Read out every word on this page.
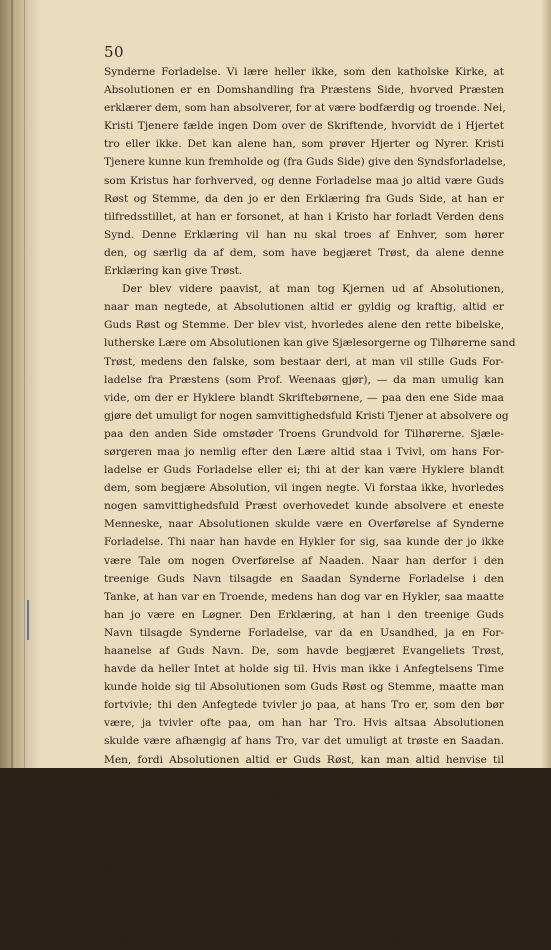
50
Synderne Forladelse. Vi lære heller ikke, som den katholske Kirke, at
Absolutionen er en Domshandling fra Præstens Side, hvorved Præsten
erklærer dem, som han absolverer, for at være bodfærdig og troende. Nei,
Kristi Tjenere fælde ingen Dom over de Skriftende, hvorvidt de i Hjertet
tro eller ikke. Det kan alene han, som prøver Hjerter og Nyrer. Kristi
Tjenere kunne kun fremholde og (fra Guds Side) give den Syndsforladelse,
som Kristus har forhverved, og denne Forladelse maa jo altid være Guds
Røst og Stemme, da den jo er den Erklæring fra Guds Side, at han er
tilfredsstillet, at han er forsonet, at han i Kristo har forladt Verden dens
Synd. Denne Erklæring vil han nu skal troes af Enhver, som hører
den, og særlig da af dem, som have begjæret Trøst, da alene denne
Erklæring kan give Trøst.
Der blev videre paavist, at man tog Kjernen ud af Absolutionen,
naar man negtede, at Absolutionen altid er gyldig og kraftig, altid er
Guds Røst og Stemme. Der blev vist, hvorledes alene den rette bibelske,
lutherske Lære om Absolutionen kan give Sjælesorgerne og Tilhørerne sand
Trøst, medens den falske, som bestaar deri, at man vil stille Guds For-
ladelse fra Præstens (som Prof. Weenaas gjør), — da man umulig kan
vide, om der er Hyklere blandt Skriftebørnene, — paa den ene Side maa
gjøre det umuligt for nogen samvittighedsfuld Kristi Tjener at absolvere og
paa den anden Side omstøder Troens Grundvold for Tilhørerne. Sjæle-
sørgeren maa jo nemlig efter den Lære altid staa i Tvivl, om hans For-
ladelse er Guds Forladelse eller ei; thi at der kan være Hyklere blandt
dem, som begjære Absolution, vil ingen negte. Vi forstaa ikke, hvorledes
nogen samvittighedsfuld Præst overhovedet kunde absolvere et eneste
Menneske, naar Absolutionen skulde være en Overførelse af Synderne
Forladelse. Thi naar han havde en Hykler for sig, saa kunde der jo ikke
være Tale om nogen Overførelse af Naaden. Naar han derfor i den
treenige Guds Navn tilsagde en Saadan Synderne Forladelse i den
Tanke, at han var en Troende, medens han dog var en Hykler, saa maatte
han jo være en Løgner. Den Erklæring, at han i den treenige Guds
Navn tilsagde Synderne Forladelse, var da en Usandhed, ja en For-
haanelse af Guds Navn. De, som havde begjæret Evangeliets Trøst,
havde da heller Intet at holde sig til. Hvis man ikke i Anfegtelsens Time
kunde holde sig til Absolutionen som Guds Røst og Stemme, maatte man
fortvivle; thi den Anfegtede tvivler jo paa, at hans Tro er, som den bør
være, ja tvivler ofte paa, om han har Tro. Hvis altsaa Absolutionen
skulde være afhængig af hans Tro, var det umuligt at trøste en Saadan.
Men, fordi Absolutionen altid er Guds Røst, kan man altid henvise til
Guds Forladelse, som altid er gyldig og kraftig.
Ved Exempler blev det belyst, hvorledes aandelige Kvaksalvere havde
styrtet Anfegtede i Fortvivlelse, fordi de i Stedet for at henvise dem til
Guds Ord og formane dem til at gribe Synderne Forladelse i Naade-
midlerne havde henvist dem til Bønnen som et Middel, hvorved Gud
skulde forsones, ja hvorved Gud paa en Maade skulde drages ned fra
Himlen og bringes til at aabenbare sig i deres Hjerter ved lifligt Naade-
følelser, for at de siden skulde komme til at tro.
Fra den anden Side berørte man ikke med en Stavelse vore Beviser
af Skriften, af vor Bekjendelse og af Luther. Man følte vel, at man ikke
